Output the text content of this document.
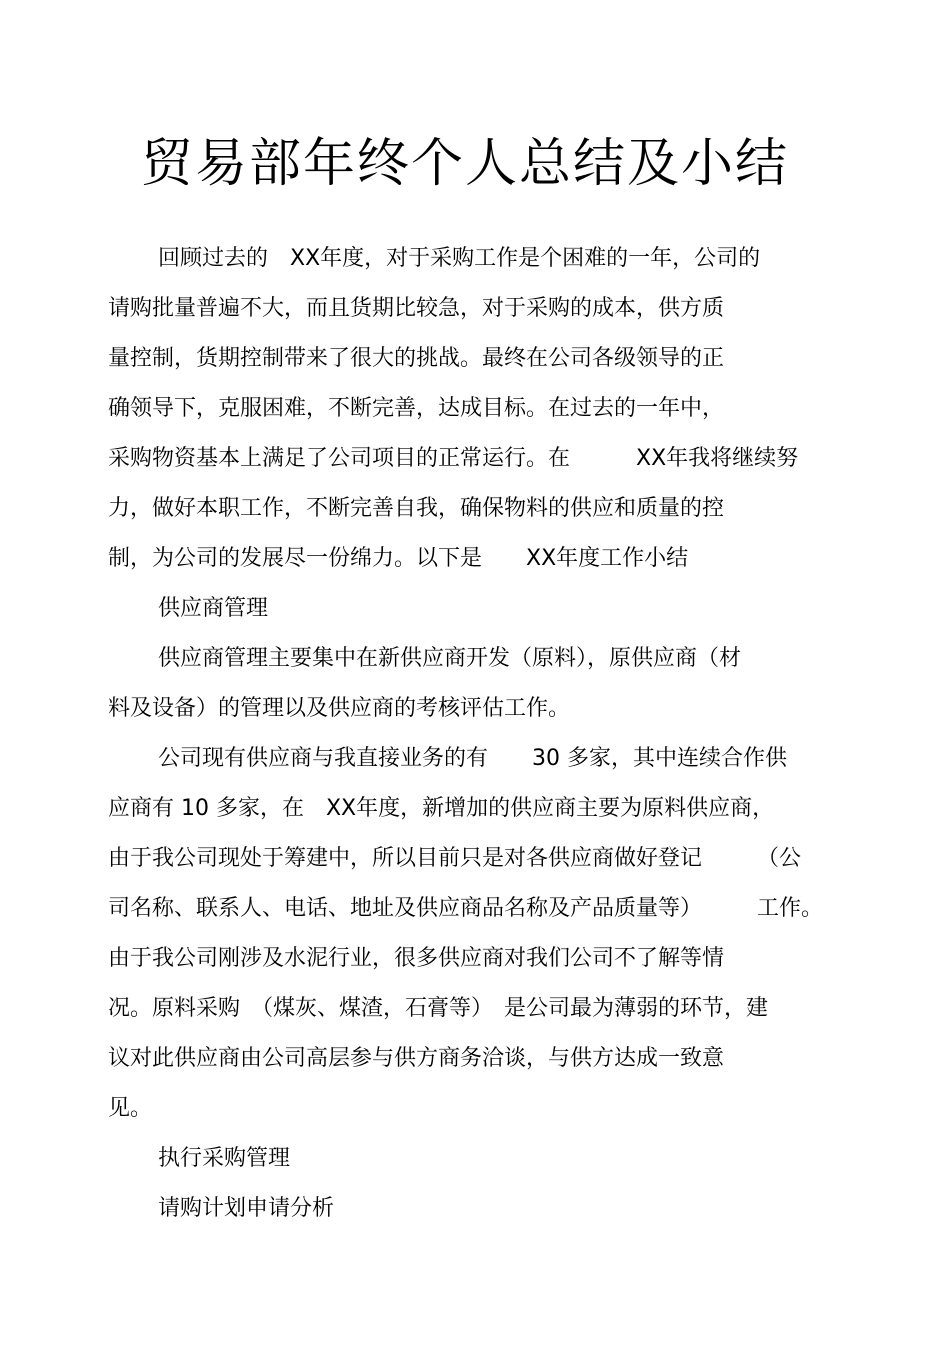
贸易部年终个人总结及小结
回顾过去的　XX年度，对于采购工作是个困难的一年，公司的
请购批量普遍不大，而且货期比较急，对于采购的成本，供方质
量控制，货期控制带来了很大的挑战。最终在公司各级领导的正
确领导下，克服困难，不断完善，达成目标。在过去的一年中，
采购物资基本上满足了公司项目的正常运行。在　　　XX年我将继续努
力，做好本职工作，不断完善自我，确保物料的供应和质量的控
制，为公司的发展尽一份绵力。以下是　　XX年度工作小结
供应商管理
供应商管理主要集中在新供应商开发（原料），原供应商（材
料及设备）的管理以及供应商的考核评估工作。
公司现有供应商与我直接业务的有　　30 多家，其中连续合作供
应商有 10 多家，在　XX年度，新增加的供应商主要为原料供应商，
由于我公司现处于筹建中，所以目前只是对各供应商做好登记　　　（公
司名称、联系人、电话、地址及供应商品名称及产品质量等）　　　工作。
由于我公司刚涉及水泥行业，很多供应商对我们公司不了解等情
况。原料采购　（煤灰、煤渣，石膏等）　是公司最为薄弱的环节，建
议对此供应商由公司高层参与供方商务洽谈，与供方达成一致意
见。
执行采购管理
请购计划申请分析
